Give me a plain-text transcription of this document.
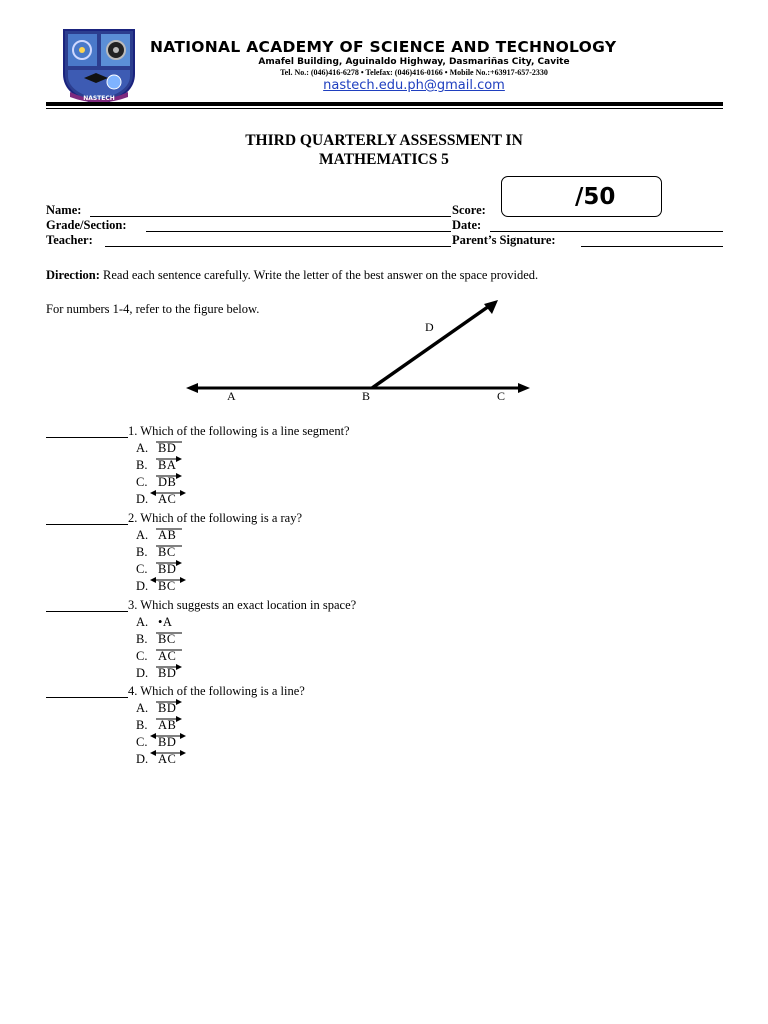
NASTECH
NATIONAL ACADEMY OF SCIENCE AND TECHNOLOGY
Amafel Building, Aguinaldo Highway, Dasmariñas City, Cavite
Tel. No.: (046)416-6278 • Telefax: (046)416-0166 • Mobile No.:+63917-657-2330
nastech.edu.ph@gmail.com
THIRD QUARTERLY ASSESSMENT IN
MATHEMATICS 5
/50
Name:	Score:
Grade/Section:	Date:
Teacher:	Parent’s Signature:
Direction: Read each sentence carefully. Write the letter of the best answer on the space provided.
For numbers 1-4, refer to the figure below.
A	B	C
D
1. Which of the following is a line segment?
A. BD
B. BA
C. DB
D. AC
2. Which of the following is a ray?
A. AB
B. BC
C. BD
D. BC
3. Which suggests an exact location in space?
A. •A
B. BC
C. AC
D. BD
4. Which of the following is a line?
A. BD
B. AB
C. BD
D. AC
